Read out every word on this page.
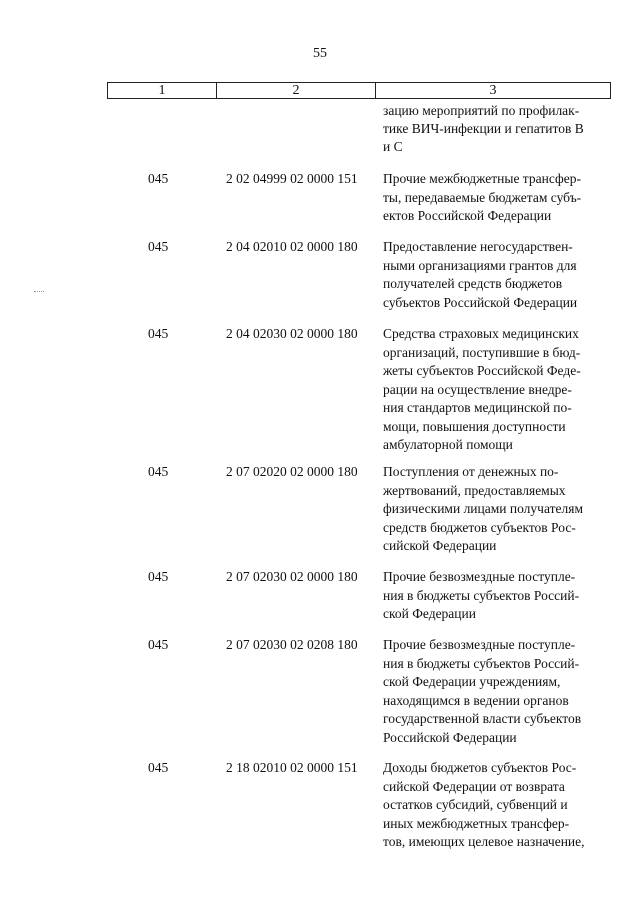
55
1	2	3
зацию мероприятий по профилак-
тике ВИЧ-инфекции и гепатитов В
и С
045	2 02 04999 02 0000 151 Прочие межбюджетные трансфер-
ты, передаваемые бюджетам субъ-
ектов Российской Федерации
045	2 04 02010 02 0000 180 Предоставление негосударствен-
ными организациями грантов для
получателей средств бюджетов
субъектов Российской Федерации
045	2 04 02030 02 0000 180 Средства страховых медицинских
организаций, поступившие в бюд-
жеты субъектов Российской Феде-
рации на осуществление внедре-
ния стандартов медицинской по-
мощи, повышения доступности
амбулаторной помощи
045	2 07 02020 02 0000 180 Поступления от денежных по-
жертвований, предоставляемых
физическими лицами получателям
средств бюджетов субъектов Рос-
сийской Федерации
045	2 07 02030 02 0000 180 Прочие безвозмездные поступле-
ния в бюджеты субъектов Россий-
ской Федерации
045	2 07 02030 02 0208 180 Прочие безвозмездные поступле-
ния в бюджеты субъектов Россий-
ской Федерации учреждениям,
находящимся в ведении органов
государственной власти субъектов
Российской Федерации
045	2 18 02010 02 0000 151 Доходы бюджетов субъектов Рос-
сийской Федерации от возврата
остатков субсидий, субвенций и
иных межбюджетных трансфер-
тов, имеющих целевое назначение,
